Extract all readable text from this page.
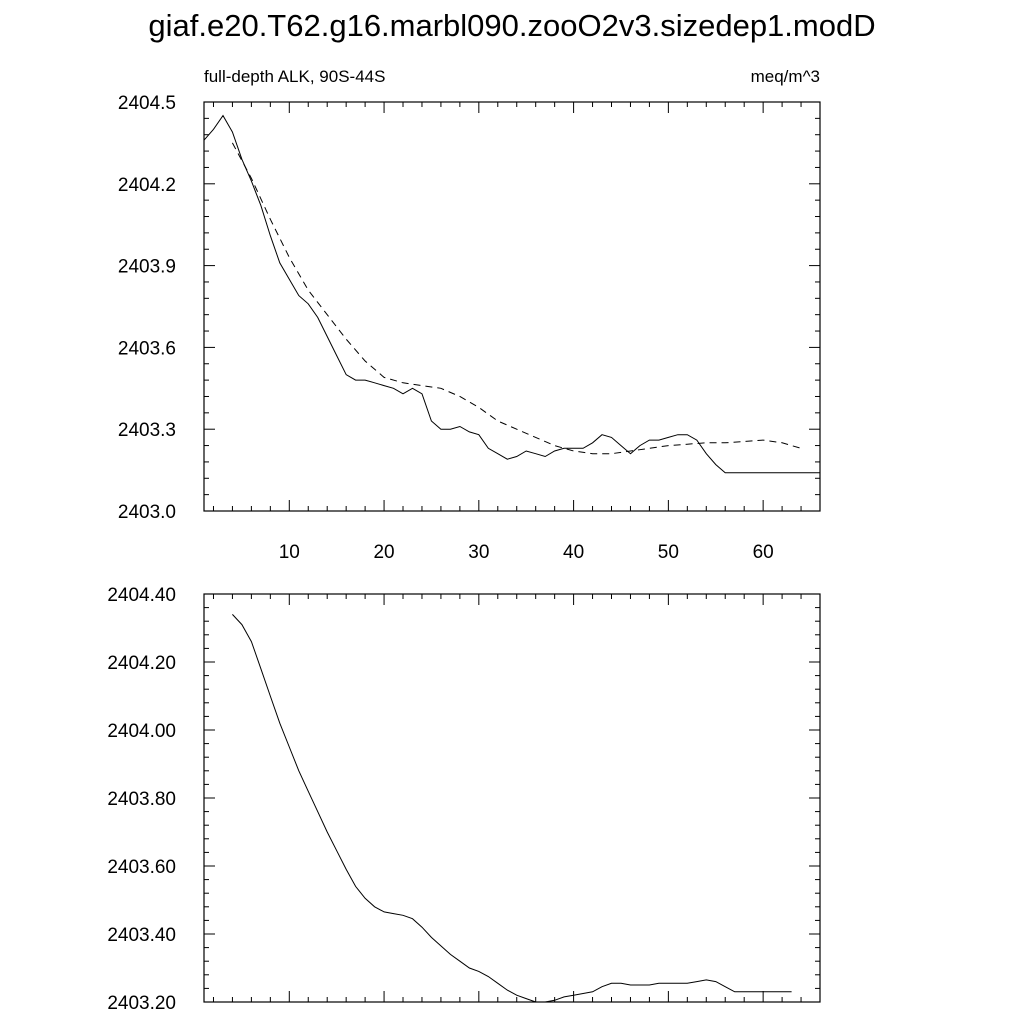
giaf.e20.T62.g16.marbl090.zooO2v3.sizedep1.modD
full-depth ALK, 90S-44S	meq/m^3
10	20	30	40	50	60
2403.0
2403.3
2403.6
2403.9
2404.2
2404.5
2403.20
2403.40
2403.60
2403.80
2404.00
2404.20
2404.40
